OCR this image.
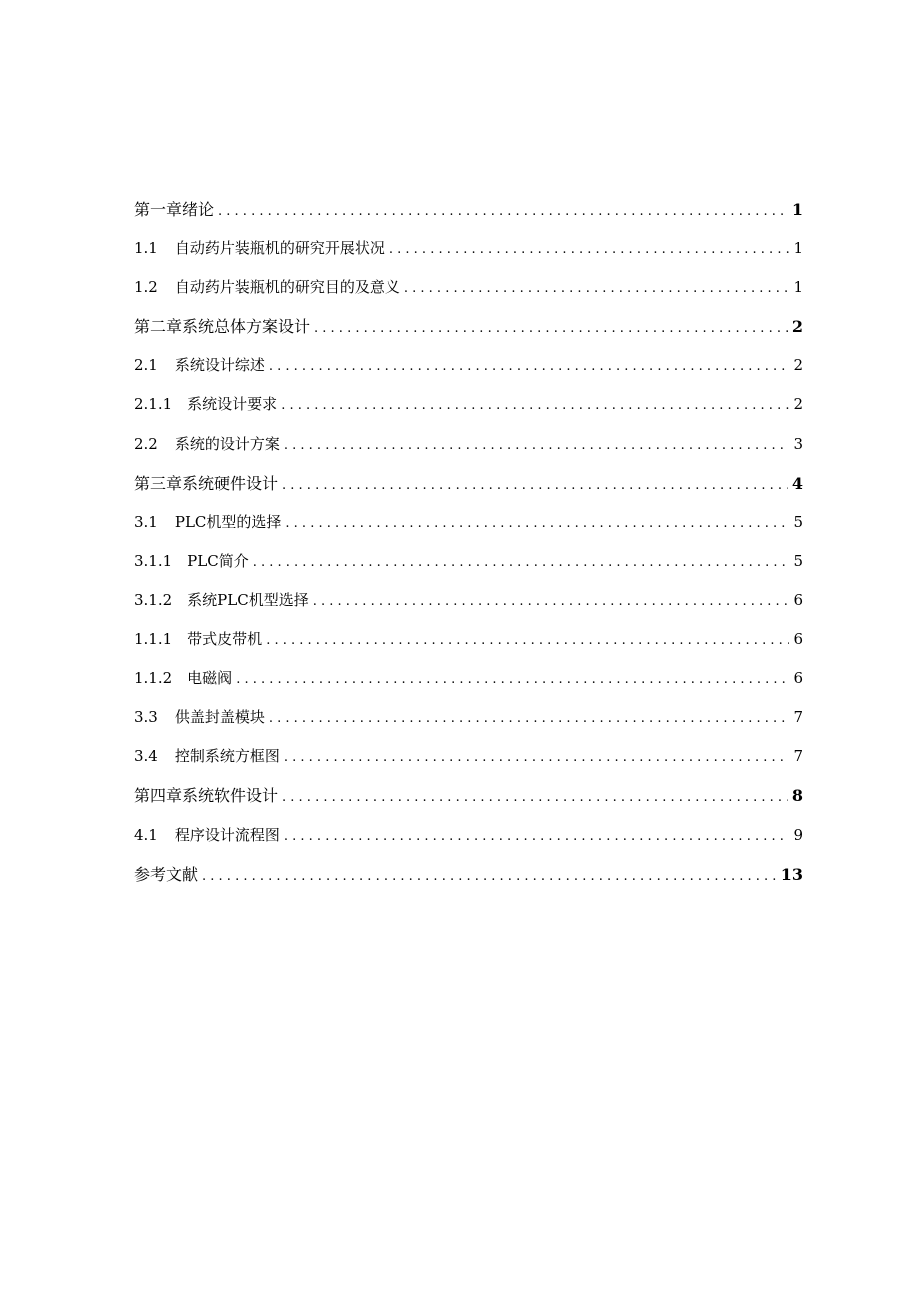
第一章绪论 . . .	1
1.1 自动药片装瓶机的研究开展状况 . . .	1
1.2 自动药片装瓶机的研究目的及意义 . . .	1
第二章系统总体方案设计 . . .	2
2.1 系统设计综述 . . .	2
2.1.1 系统设计要求 . . .	2
2.2 系统的设计方案 . . .	3
第三章系统硬件设计 . . .	4
3.1 PLC机型的选择 . . .	5
3.1.1 PLC简介 . . .	5
3.1.2 系统PLC机型选择 . . .	6
1.1.1 带式皮带机 . . .	6
1.1.2 电磁阀 . . .	6
3.3 供盖封盖模块 . . .	7
3.4 控制系统方框图 . . .	7
第四章系统软件设计 . . .	8
4.1 程序设计流程图 . . .	9
参考文献 . . .	13
